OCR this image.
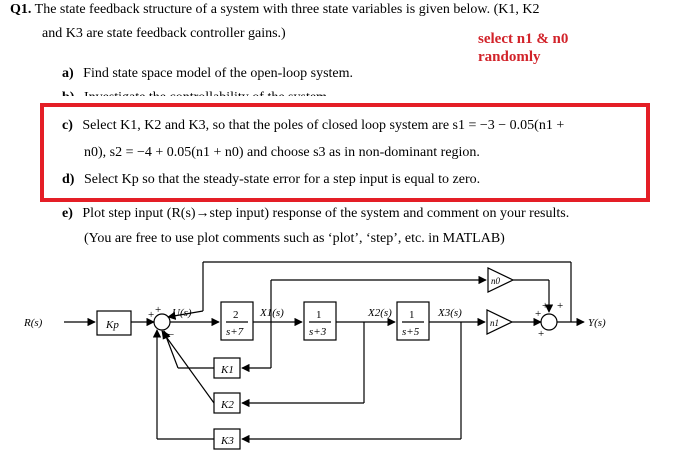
Q1. The state feedback structure of a system with three state variables is given below. (K1, K2
and K3 are state feedback controller gains.)	select n1 & n0
randomly
a) Find state space model of the open-loop system.
c) Select K1, K2 and K3, so that the poles of closed loop system are s1 = −3 − 0.05(n1 +
n0), s2 = −4 + 0.05(n1 + n0) and choose s3 as in non-dominant region.
d) Select Kp so that the steady-state error for a step input is equal to zero.
e) Plot step input (R(s)→step input) response of the system and comment on your results.
(You are free to use plot comments such as ‘plot’, ‘step’, etc. in MATLAB)
R(s)	Y(s)
Kp
U(s)	X1(s)	X2(s)	X3(s)
2
s+7
1
s+3
1
s+5
K1
K2
K3
n0
n1
+ +
−
+
+
+
+
